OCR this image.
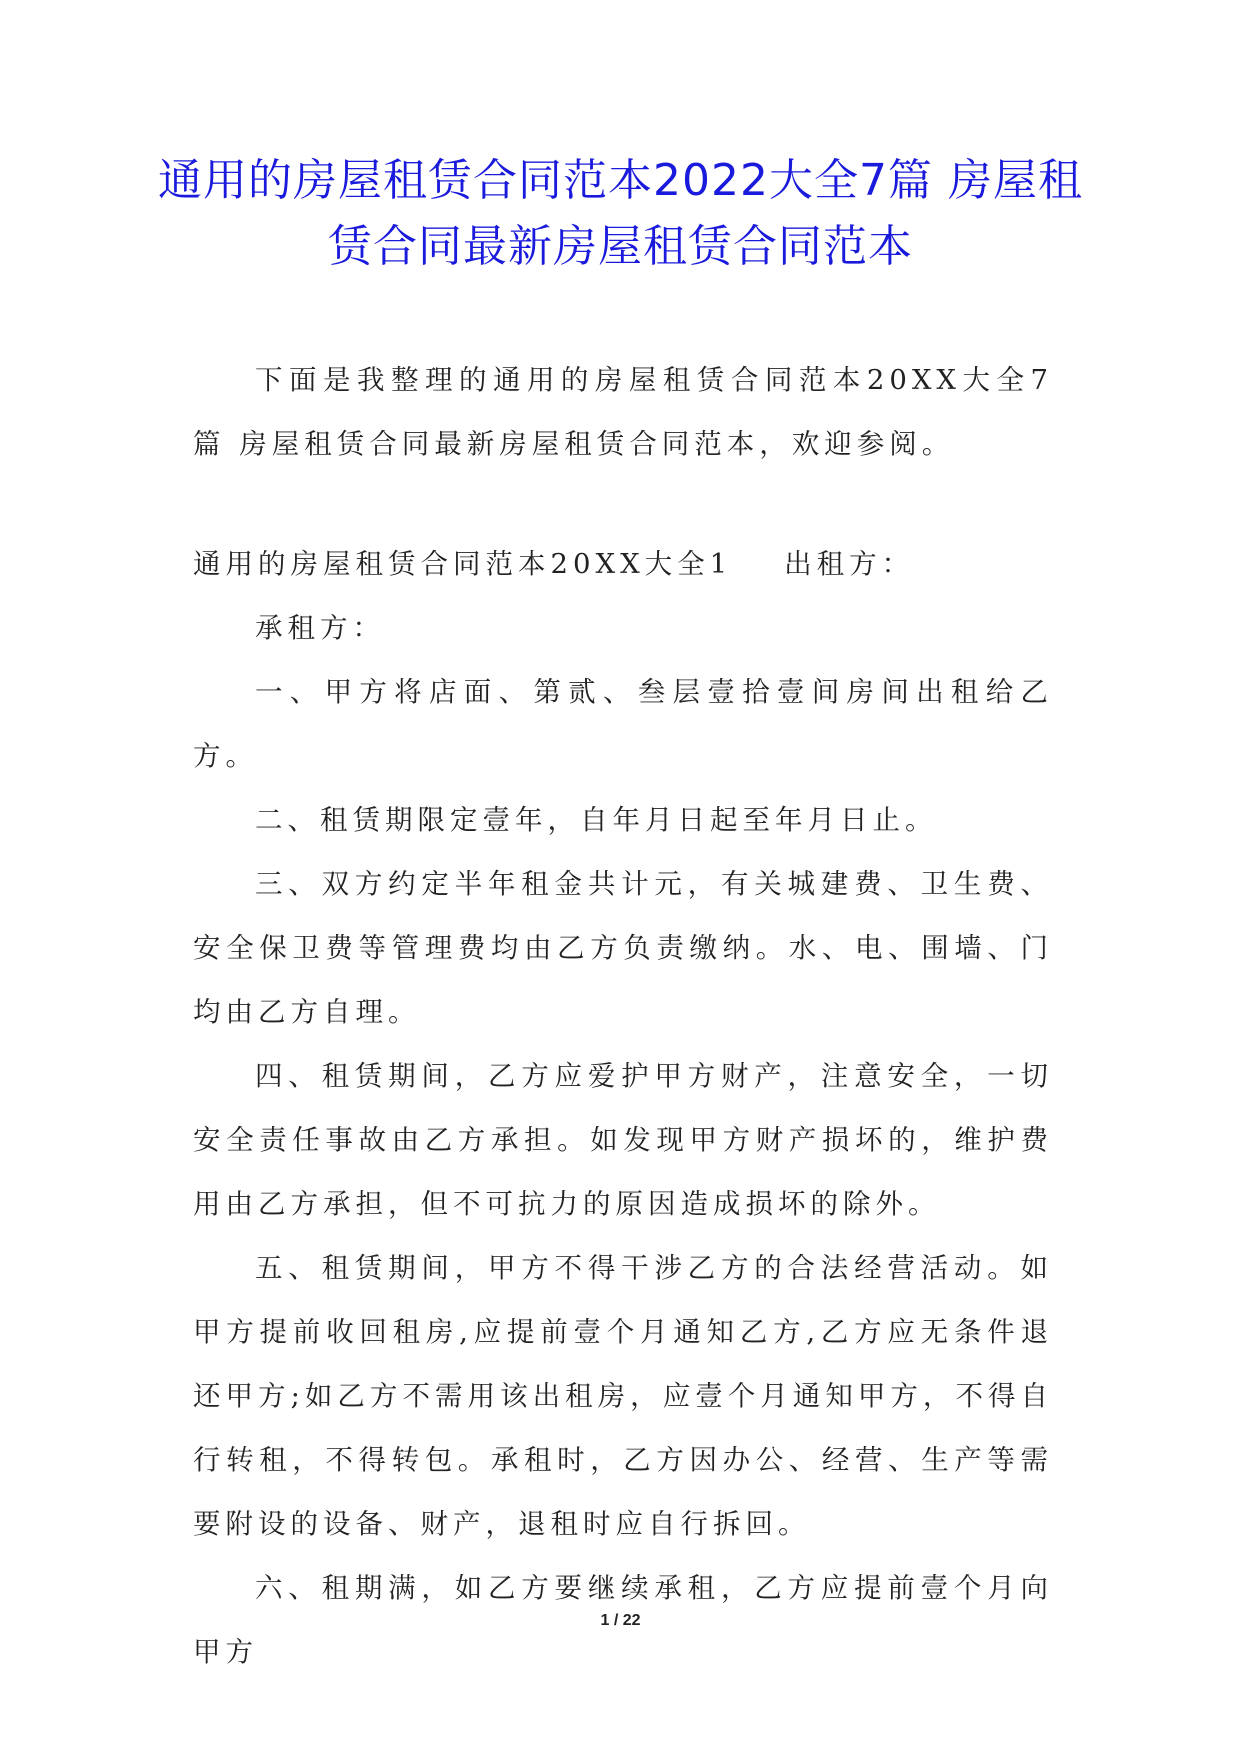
通用的房屋租赁合同范本2022大全7篇 房屋租赁合同最新房屋租赁合同范本

下面是我整理的通用的房屋租赁合同范本20XX大全7篇 房屋租赁合同最新房屋租赁合同范本，欢迎参阅。

通用的房屋租赁合同范本20XX大全1 出租方：

承租方：

一、甲方将店面、第贰、叁层壹拾壹间房间出租给乙方。

二、租赁期限定壹年，自年月日起至年月日止。

三、双方约定半年租金共计元，有关城建费、卫生费、安全保卫费等管理费均由乙方负责缴纳。水、电、围墙、门均由乙方自理。

四、租赁期间，乙方应爱护甲方财产，注意安全，一切安全责任事故由乙方承担。如发现甲方财产损坏的，维护费用由乙方承担，但不可抗力的原因造成损坏的除外。

五、租赁期间，甲方不得干涉乙方的合法经营活动。如甲方提前收回租房,应提前壹个月通知乙方,乙方应无条件退还甲方;如乙方不需用该出租房，应壹个月通知甲方，不得自行转租，不得转包。承租时，乙方因办公、经营、生产等需要附设的设备、财产，退租时应自行拆回。

六、租期满，如乙方要继续承租，乙方应提前壹个月向甲方

1 / 22
